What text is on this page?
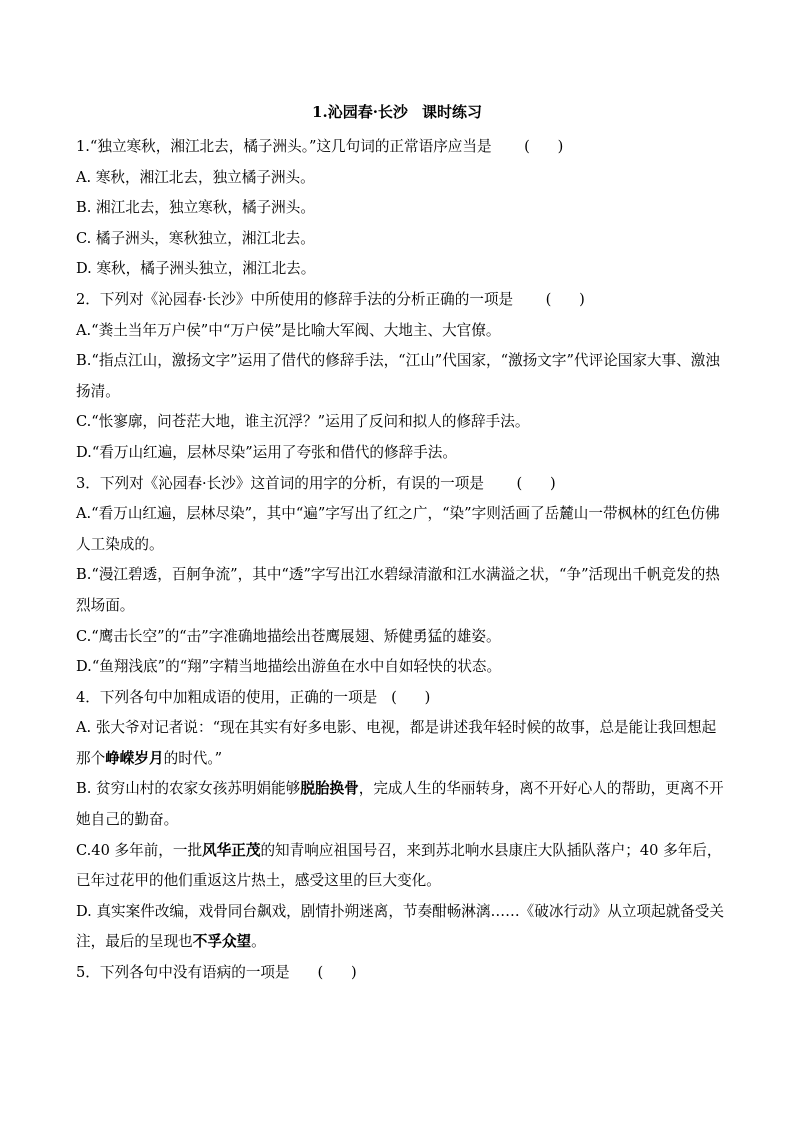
1.沁园春·长沙 课时练习
1.“独立寒秋，湘江北去，橘子洲头。”这几句词的正常语序应当是 (      )
A. 寒秋，湘江北去，独立橘子洲头。
B. 湘江北去，独立寒秋，橘子洲头。
C. 橘子洲头，寒秋独立，湘江北去。
D. 寒秋，橘子洲头独立，湘江北去。
2．下列对《沁园春·长沙》中所使用的修辞手法的分析正确的一项是 (      )
A.“粪土当年万户侯”中“万户侯”是比喻大军阀、大地主、大官僚。
B.“指点江山，激扬文字”运用了借代的修辞手法，“江山”代国家，“激扬文字”代评论国家大事、激浊扬清。
C.“怅寥廓，问苍茫大地，谁主沉浮？”运用了反问和拟人的修辞手法。
D.“看万山红遍，层林尽染”运用了夸张和借代的修辞手法。
3．下列对《沁园春·长沙》这首词的用字的分析，有误的一项是 (      )
A.“看万山红遍，层林尽染”，其中“遍”字写出了红之广，“染”字则活画了岳麓山一带枫林的红色仿佛人工染成的。
B.“漫江碧透，百舸争流”，其中“透”字写出江水碧绿清澈和江水满溢之状，“争”活现出千帆竞发的热烈场面。
C.“鹰击长空”的“击”字准确地描绘出苍鹰展翅、矫健勇猛的雄姿。
D.“鱼翔浅底”的“翔”字精当地描绘出游鱼在水中自如轻快的状态。
4．下列各句中加粗成语的使用，正确的一项是 (      )
A. 张大爷对记者说：“现在其实有好多电影、电视，都是讲述我年轻时候的故事，总是能让我回想起那个峥嵘岁月的时代。”
B. 贫穷山村的农家女孩苏明娟能够脱胎换骨，完成人生的华丽转身，离不开好心人的帮助，更离不开她自己的勤奋。
C.40 多年前，一批风华正茂的知青响应祖国号召，来到苏北响水县康庄大队插队落户；40 多年后，已年过花甲的他们重返这片热土，感受这里的巨大变化。
D. 真实案件改编，戏骨同台飙戏，剧情扑朔迷离，节奏酣畅淋漓……《破冰行动》从立项起就备受关注，最后的呈现也不孚众望。
5．下列各句中没有语病的一项是 (      )
